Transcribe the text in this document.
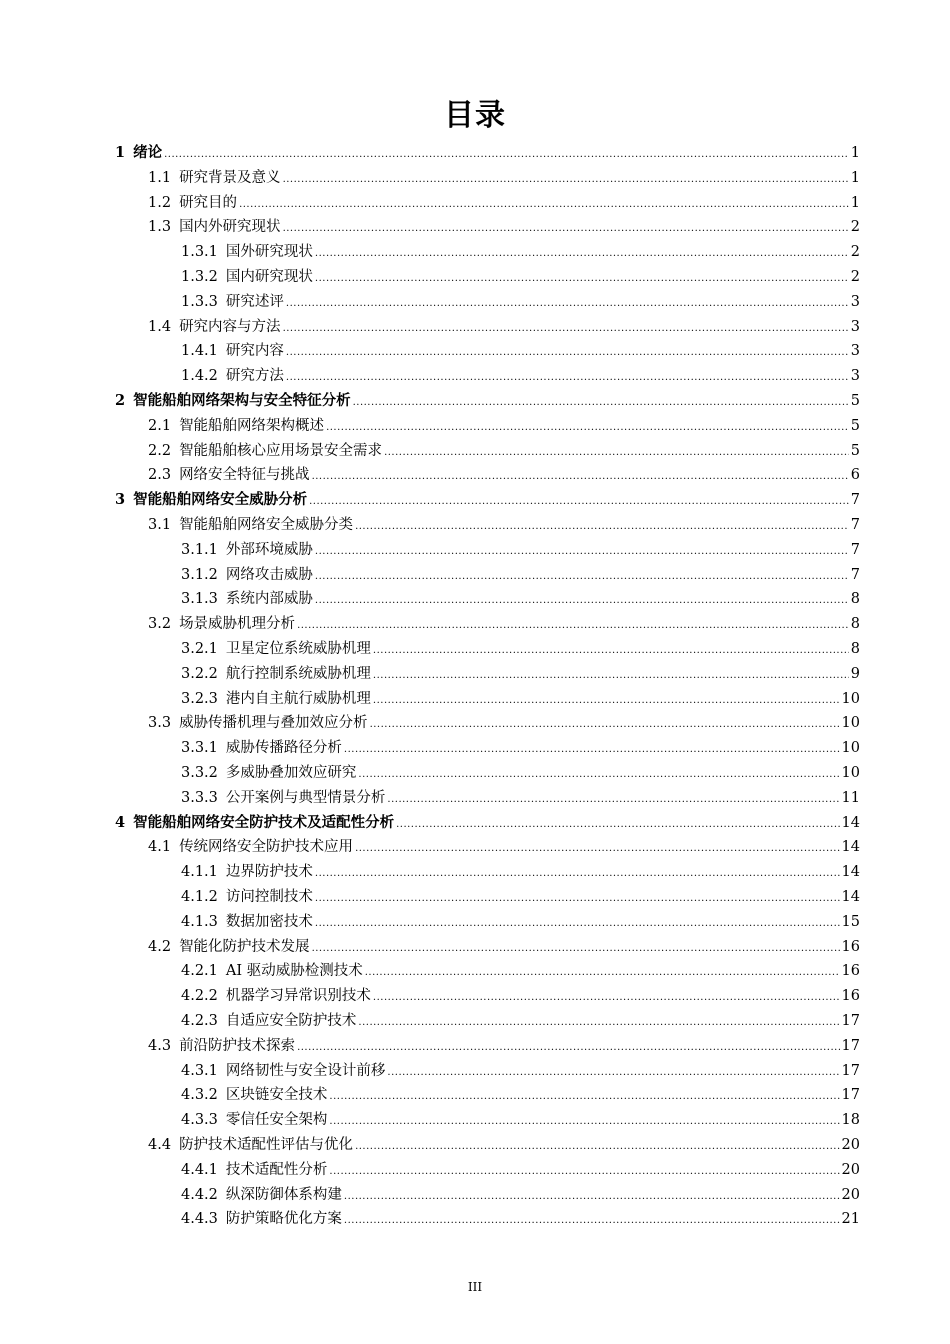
目录
1 绪论 .....	1
1.1 研究背景及意义 .....	1
1.2 研究目的 .....	1
1.3 国内外研究现状 .....	2
1.3.1 国外研究现状 .....	2
1.3.2 国内研究现状 .....	2
1.3.3 研究述评 .....	3
1.4 研究内容与方法 .....	3
1.4.1 研究内容 .....	3
1.4.2 研究方法 .....	3
2 智能船舶网络架构与安全特征分析 .....	5
2.1 智能船舶网络架构概述 .....	5
2.2 智能船舶核心应用场景安全需求 .....	5
2.3 网络安全特征与挑战 .....	6
3 智能船舶网络安全威胁分析 .....	7
3.1 智能船舶网络安全威胁分类 .....	7
3.1.1 外部环境威胁 .....	7
3.1.2 网络攻击威胁 .....	7
3.1.3 系统内部威胁 .....	8
3.2 场景威胁机理分析 .....	8
3.2.1 卫星定位系统威胁机理 .....	8
3.2.2 航行控制系统威胁机理 .....	9
3.2.3 港内自主航行威胁机理 .....	10
3.3 威胁传播机理与叠加效应分析 .....	10
3.3.1 威胁传播路径分析 .....	10
3.3.2 多威胁叠加效应研究 .....	10
3.3.3 公开案例与典型情景分析 .....	11
4 智能船舶网络安全防护技术及适配性分析 .....	14
4.1 传统网络安全防护技术应用 .....	14
4.1.1 边界防护技术 .....	14
4.1.2 访问控制技术 .....	14
4.1.3 数据加密技术 .....	15
4.2 智能化防护技术发展 .....	16
4.2.1 AI 驱动威胁检测技术 .....	16
4.2.2 机器学习异常识别技术 .....	16
4.2.3 自适应安全防护技术 .....	17
4.3 前沿防护技术探索 .....	17
4.3.1 网络韧性与安全设计前移 .....	17
4.3.2 区块链安全技术 .....	17
4.3.3 零信任安全架构 .....	18
4.4 防护技术适配性评估与优化 .....	20
4.4.1 技术适配性分析 .....	20
4.4.2 纵深防御体系构建 .....	20
4.4.3 防护策略优化方案 .....	21
III
